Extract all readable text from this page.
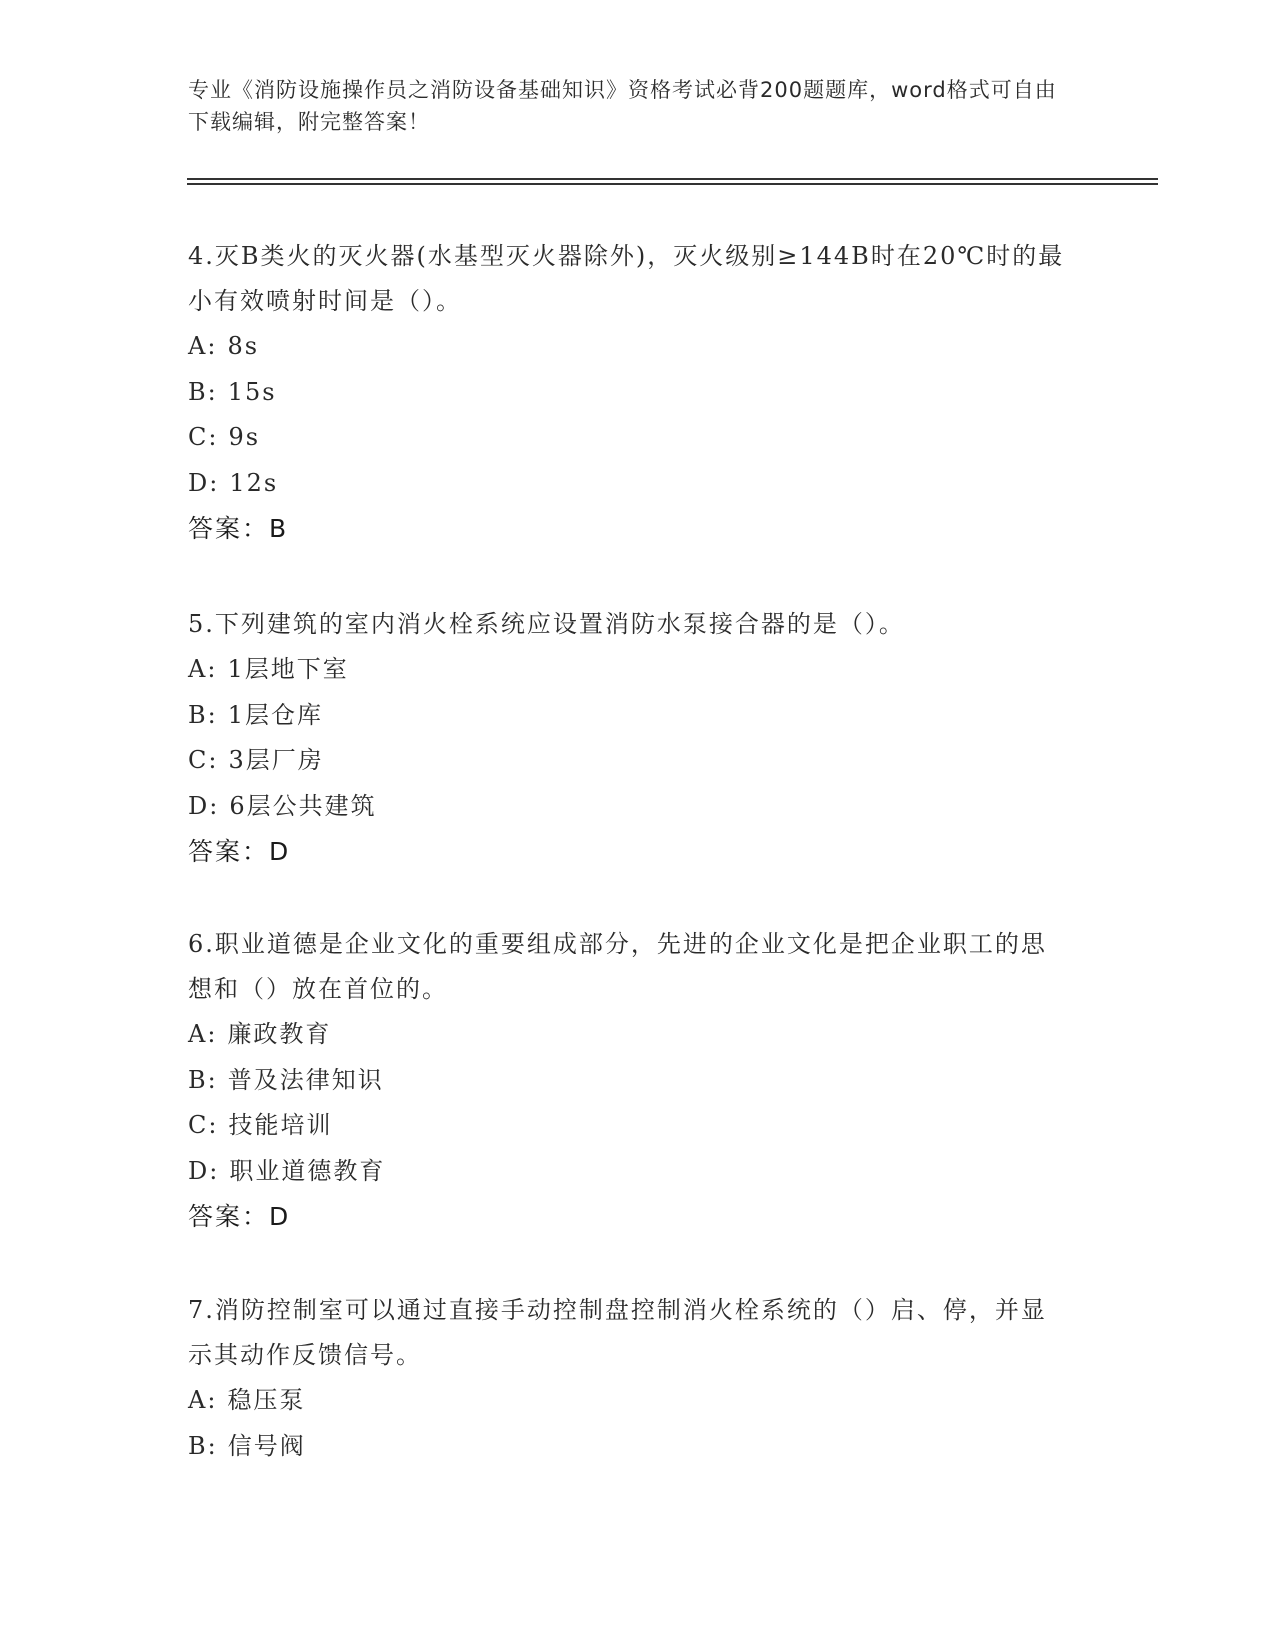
专业《消防设施操作员之消防设备基础知识》资格考试必背200题题库，word格式可自由下载编辑，附完整答案！

4.灭B类火的灭火器(水基型灭火器除外)，灭火级别≥144B时在20℃时的最小有效喷射时间是（）。

A: 8s
B: 15s
C: 9s
D: 12s
答案：B

5.下列建筑的室内消火栓系统应设置消防水泵接合器的是（）。

A: 1层地下室
B: 1层仓库
C: 3层厂房
D: 6层公共建筑
答案：D

6.职业道德是企业文化的重要组成部分，先进的企业文化是把企业职工的思想和（）放在首位的。

A: 廉政教育
B: 普及法律知识
C: 技能培训
D: 职业道德教育
答案：D

7.消防控制室可以通过直接手动控制盘控制消火栓系统的（）启、停，并显示其动作反馈信号。

A: 稳压泵
B: 信号阀
